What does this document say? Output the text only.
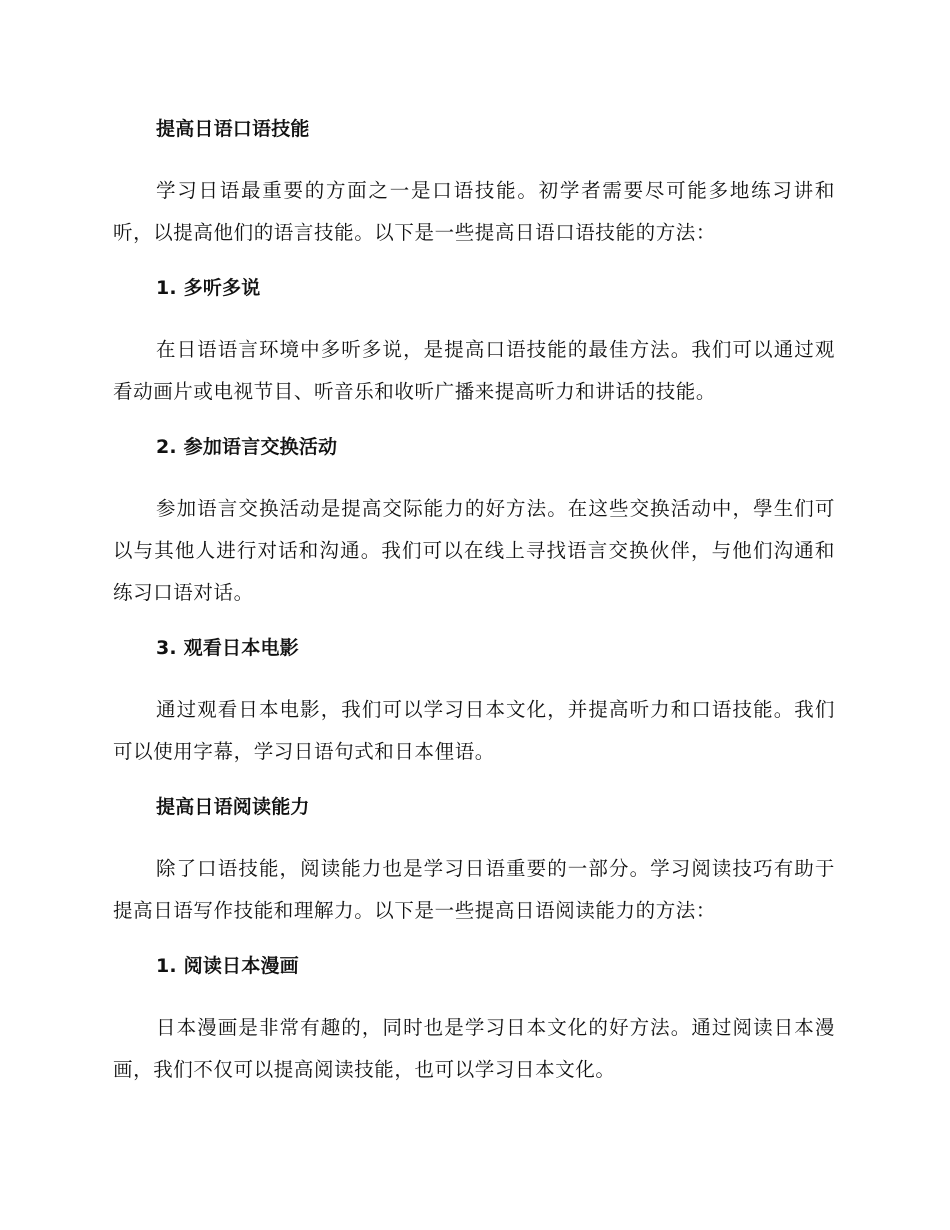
提高日语口语技能

学习日语最重要的方面之一是口语技能。初学者需要尽可能多地练习讲和听，以提高他们的语言技能。以下是一些提高日语口语技能的方法：

1. 多听多说

在日语语言环境中多听多说，是提高口语技能的最佳方法。我们可以通过观看动画片或电视节目、听音乐和收听广播来提高听力和讲话的技能。

2. 参加语言交换活动

参加语言交换活动是提高交际能力的好方法。在这些交换活动中，學生们可以与其他人进行对话和沟通。我们可以在线上寻找语言交换伙伴，与他们沟通和练习口语对话。

3. 观看日本电影

通过观看日本电影，我们可以学习日本文化，并提高听力和口语技能。我们可以使用字幕，学习日语句式和日本俚语。

提高日语阅读能力

除了口语技能，阅读能力也是学习日语重要的一部分。学习阅读技巧有助于提高日语写作技能和理解力。以下是一些提高日语阅读能力的方法：

1. 阅读日本漫画

日本漫画是非常有趣的，同时也是学习日本文化的好方法。通过阅读日本漫画，我们不仅可以提高阅读技能，也可以学习日本文化。
